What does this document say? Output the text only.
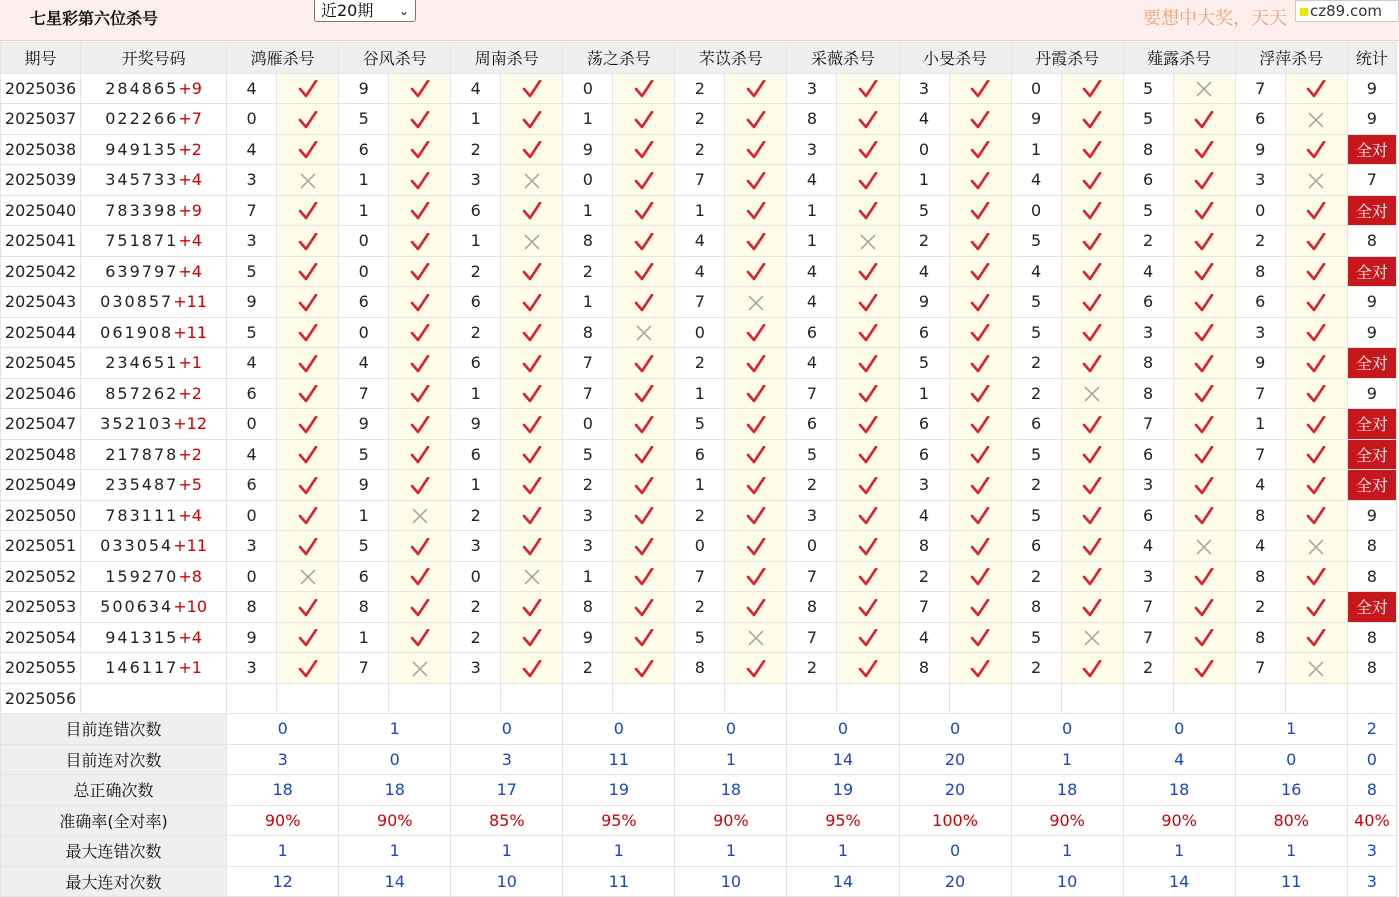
七星彩第六位杀号	近20期 ⌄	要想中大奖，天天	cz89.com
期号	开奖号码	鸿雁杀号		谷风杀号		周南杀号		荡之杀号		芣苡杀号		采薇杀号		小旻杀号		丹霞杀号		薤露杀号		浮萍杀号		统计
2025036	284865+9	4		9		4		0		2		3		3		0		5		7		9
2025037	022266+7	0		5		1		1		2		8		4		9		5		6		9
2025038	949135+2	4		6		2		9		2		3		0		1		8		9		全对
2025039	345733+4	3		1		3		0		7		4		1		4		6		3		7
2025040	783398+9	7		1		6		1		1		1		5		0		5		0		全对
2025041	751871+4	3		0		1		8		4		1		2		5		2		2		8
2025042	639797+4	5		0		2		2		4		4		4		4		4		8		全对
2025043	030857+11	9		6		6		1		7		4		9		5		6		6		9
2025044	061908+11	5		0		2		8		0		6		6		5		3		3		9
2025045	234651+1	4		4		6		7		2		4		5		2		8		9		全对
2025046	857262+2	6		7		1		7		1		7		1		2		8		7		9
2025047	352103+12	0		9		9		0		5		6		6		6		7		1		全对
2025048	217878+2	4		5		6		5		6		5		6		5		6		7		全对
2025049	235487+5	6		9		1		2		1		2		3		2		3		4		全对
2025050	783111+4	0		1		2		3		2		3		4		5		6		8		9
2025051	033054+11	3		5		3		3		0		0		8		6		4		4		8
2025052	159270+8	0		6		0		1		7		7		2		2		3		8		8
2025053	500634+10	8		8		2		8		2		8		7		8		7		2		全对
2025054	941315+4	9		1		2		9		5		7		4		5		7		8		8
2025055	146117+1	3		7		3		2		8		2		8		2		2		7		8
2025056	当前期杀号	1		7		4		0		2		3		0		8		4		6		
目前连错次数		0		1		0		0		0		0		0		0		0		1		2
目前连对次数		3		0		3		11		1		14		20		1		4		0		0
总正确次数		18		18		17		19		18		19		20		18		18		16		8
准确率(全对率)		90%		90%		85%		95%		90%		95%		100%		90%		90%		80%		40%
最大连错次数		1		1		1		1		1		1		0		1		1		1		3
最大连对次数		12		14		10		11		10		14		20		10		14		11		3
